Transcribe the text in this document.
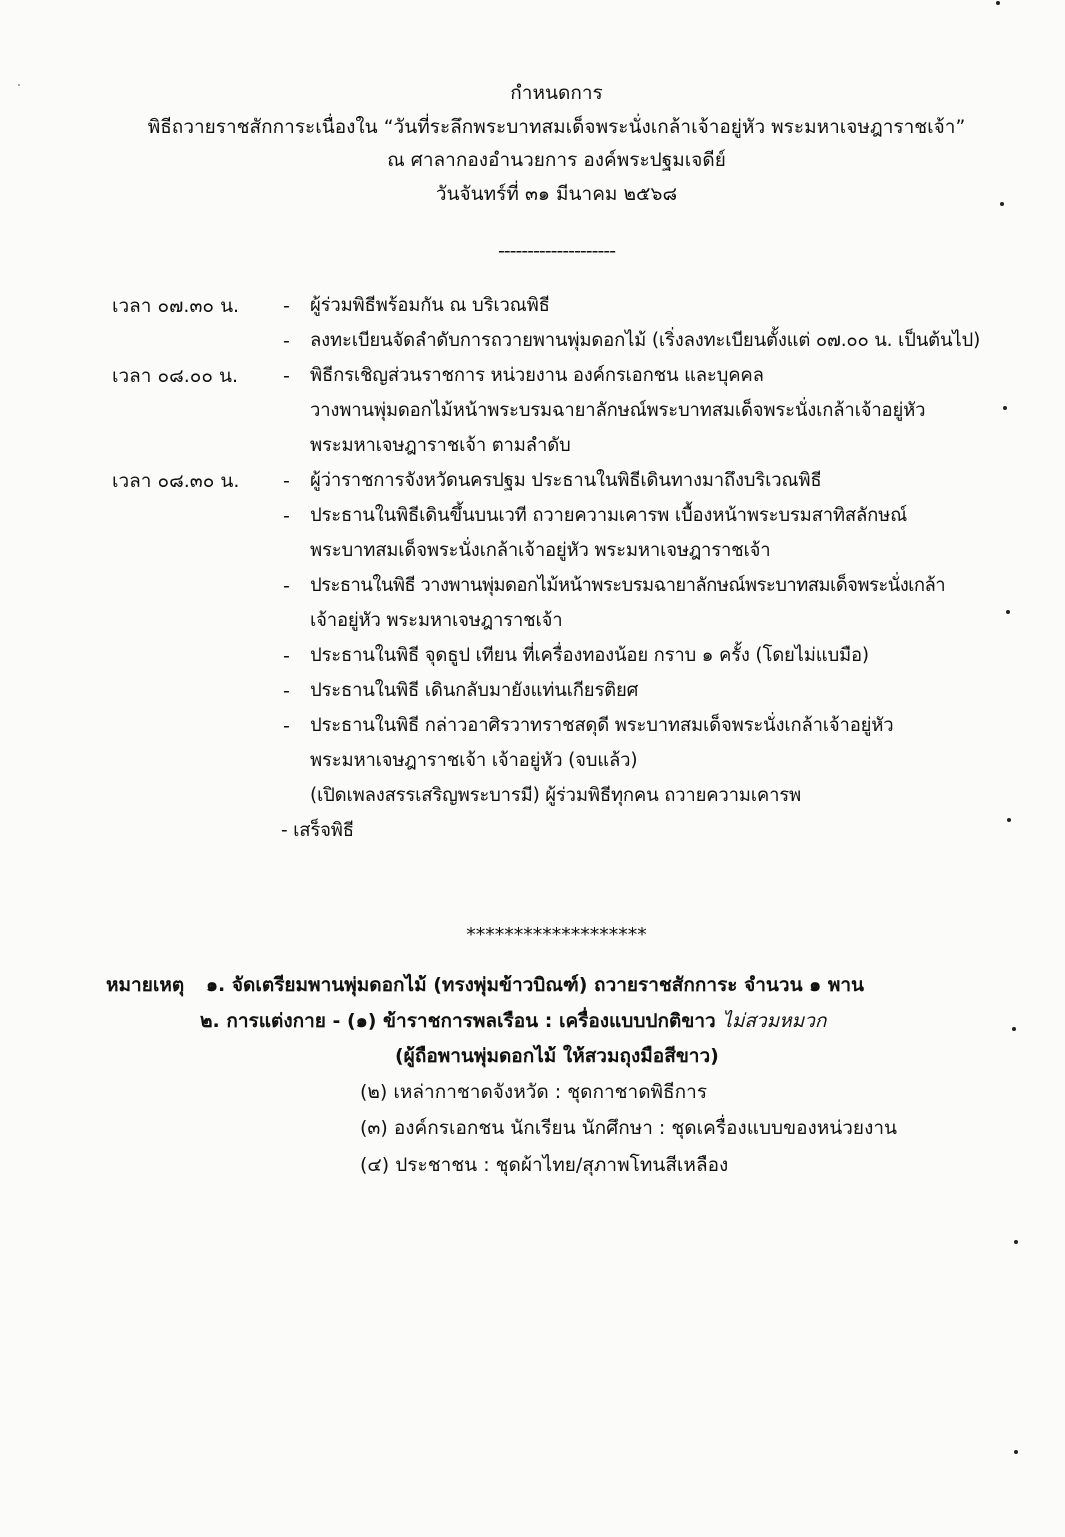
กำหนดการ
พิธีถวายราชสักการะเนื่องใน “วันที่ระลึกพระบาทสมเด็จพระนั่งเกล้าเจ้าอยู่หัว พระมหาเจษฎาราชเจ้า”
ณ ศาลากองอำนวยการ องค์พระปฐมเจดีย์
วันจันทร์ที่ ๓๑ มีนาคม ๒๕๖๘
--------------------
เวลา ๐๗.๓๐ น. - ผู้ร่วมพิธีพร้อมกัน ณ บริเวณพิธี
- ลงทะเบียนจัดลำดับการถวายพานพุ่มดอกไม้ (เริ่งลงทะเบียนตั้งแต่ ๐๗.๐๐ น. เป็นต้นไป)
เวลา ๐๘.๐๐ น. - พิธีกรเชิญส่วนราชการ หน่วยงาน องค์กรเอกชน และบุคคล
วางพานพุ่มดอกไม้หน้าพระบรมฉายาลักษณ์พระบาทสมเด็จพระนั่งเกล้าเจ้าอยู่หัว
พระมหาเจษฎาราชเจ้า ตามลำดับ
เวลา ๐๘.๓๐ น. - ผู้ว่าราชการจังหวัดนครปฐม ประธานในพิธีเดินทางมาถึงบริเวณพิธี
- ประธานในพิธีเดินขึ้นบนเวที ถวายความเคารพ เบื้องหน้าพระบรมสาทิสลักษณ์
พระบาทสมเด็จพระนั่งเกล้าเจ้าอยู่หัว พระมหาเจษฎาราชเจ้า
- ประธานในพิธี วางพานพุ่มดอกไม้หน้าพระบรมฉายาลักษณ์พระบาทสมเด็จพระนั่งเกล้า
เจ้าอยู่หัว พระมหาเจษฎาราชเจ้า
- ประธานในพิธี จุดธูป เทียน ที่เครื่องทองน้อย กราบ ๑ ครั้ง (โดยไม่แบมือ)
- ประธานในพิธี เดินกลับมายังแท่นเกียรติยศ
- ประธานในพิธี กล่าวอาศิรวาทราชสดุดี พระบาทสมเด็จพระนั่งเกล้าเจ้าอยู่หัว
พระมหาเจษฎาราชเจ้า เจ้าอยู่หัว (จบแล้ว)
(เปิดเพลงสรรเสริญพระบารมี) ผู้ร่วมพิธีทุกคน ถวายความเคารพ
- เสร็จพิธี
*******************
หมายเหตุ ๑. จัดเตรียมพานพุ่มดอกไม้ (ทรงพุ่มข้าวบิณฑ์) ถวายราชสักการะ จำนวน ๑ พาน
๒. การแต่งกาย - (๑) ข้าราชการพลเรือน : เครื่องแบบปกติขาว ไม่สวมหมวก
(ผู้ถือพานพุ่มดอกไม้ ให้สวมถุงมือสีขาว)
(๒) เหล่ากาชาดจังหวัด : ชุดกาชาดพิธีการ
(๓) องค์กรเอกชน นักเรียน นักศึกษา : ชุดเครื่องแบบของหน่วยงาน
(๔) ประชาชน : ชุดผ้าไทย/สุภาพโทนสีเหลือง
